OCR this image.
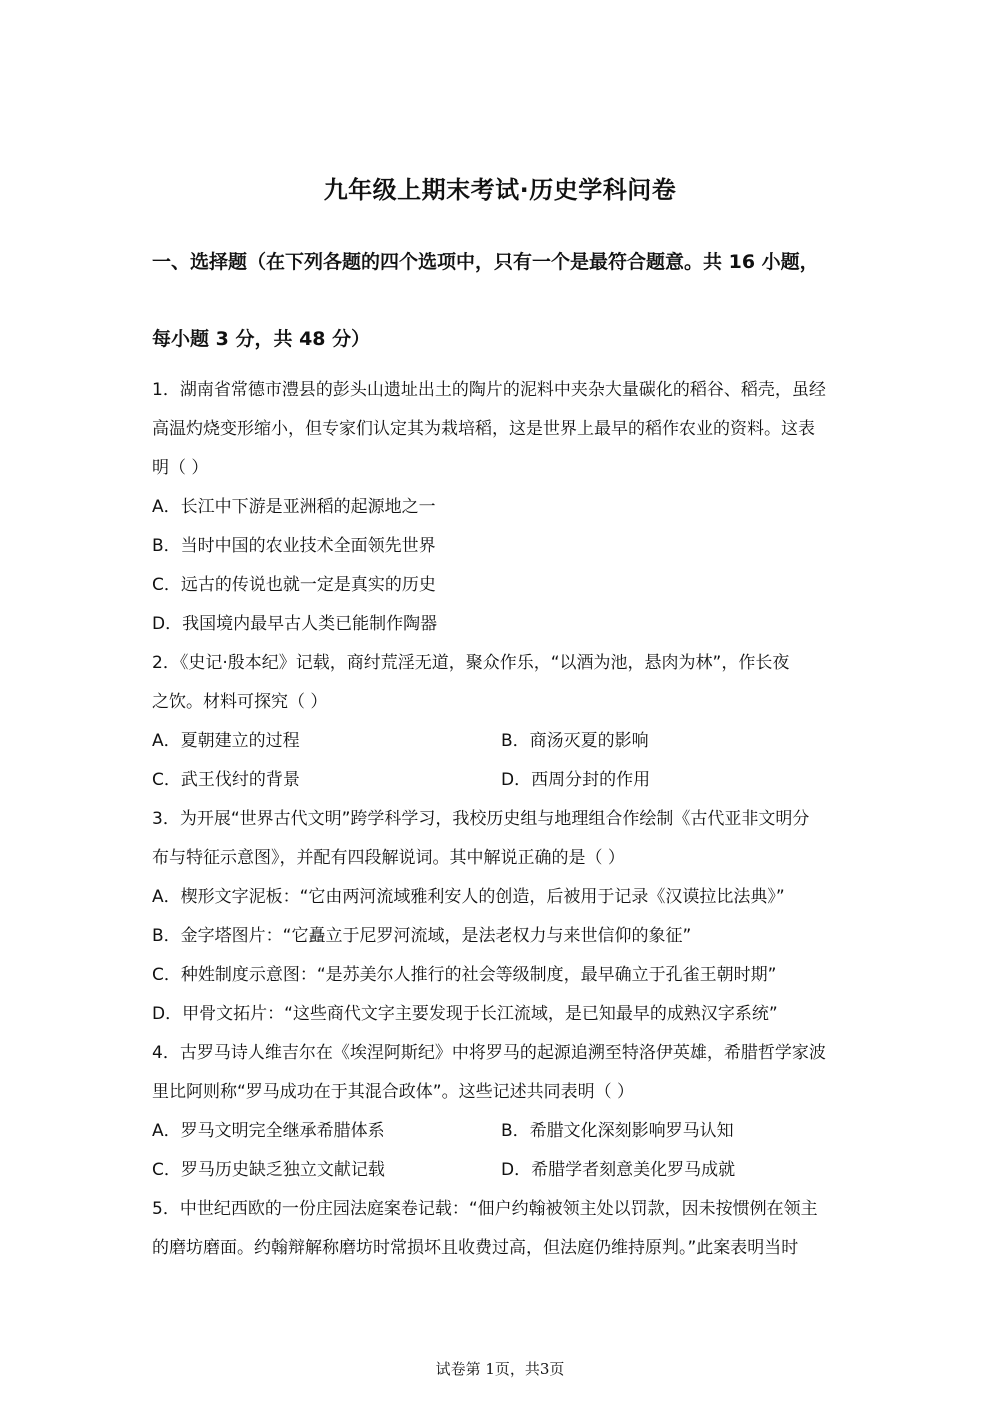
九年级上期末考试·历史学科问卷
一、选择题（在下列各题的四个选项中，只有一个是最符合题意。共 16 小题，
每小题 3 分，共 48 分）
1．湖南省常德市澧县的彭头山遗址出土的陶片的泥料中夹杂大量碳化的稻谷、稻壳，虽经
高温灼烧变形缩小，但专家们认定其为栽培稻，这是世界上最早的稻作农业的资料。这表
明（ ）
A．长江中下游是亚洲稻的起源地之一
B．当时中国的农业技术全面领先世界
C．远古的传说也就一定是真实的历史
D．我国境内最早古人类已能制作陶器
2．《史记·殷本纪》记载，商纣荒淫无道，聚众作乐，“以酒为池，悬肉为林”，作长夜
之饮。材料可探究（ ）
A．夏朝建立的过程	B．商汤灭夏的影响
C．武王伐纣的背景	D．西周分封的作用
3．为开展“世界古代文明”跨学科学习，我校历史组与地理组合作绘制《古代亚非文明分
布与特征示意图》，并配有四段解说词。其中解说正确的是（ ）
A．楔形文字泥板：“它由两河流域雅利安人的创造，后被用于记录《汉谟拉比法典》”
B．金字塔图片：“它矗立于尼罗河流域，是法老权力与来世信仰的象征”
C．种姓制度示意图：“是苏美尔人推行的社会等级制度，最早确立于孔雀王朝时期”
D．甲骨文拓片：“这些商代文字主要发现于长江流域，是已知最早的成熟汉字系统”
4．古罗马诗人维吉尔在《埃涅阿斯纪》中将罗马的起源追溯至特洛伊英雄，希腊哲学家波
里比阿则称“罗马成功在于其混合政体”。这些记述共同表明（ ）
A．罗马文明完全继承希腊体系	B．希腊文化深刻影响罗马认知
C．罗马历史缺乏独立文献记载	D．希腊学者刻意美化罗马成就
5．中世纪西欧的一份庄园法庭案卷记载：“佃户约翰被领主处以罚款，因未按惯例在领主
的磨坊磨面。约翰辩解称磨坊时常损坏且收费过高，但法庭仍维持原判。”此案表明当时
试卷第 1页，共3页
